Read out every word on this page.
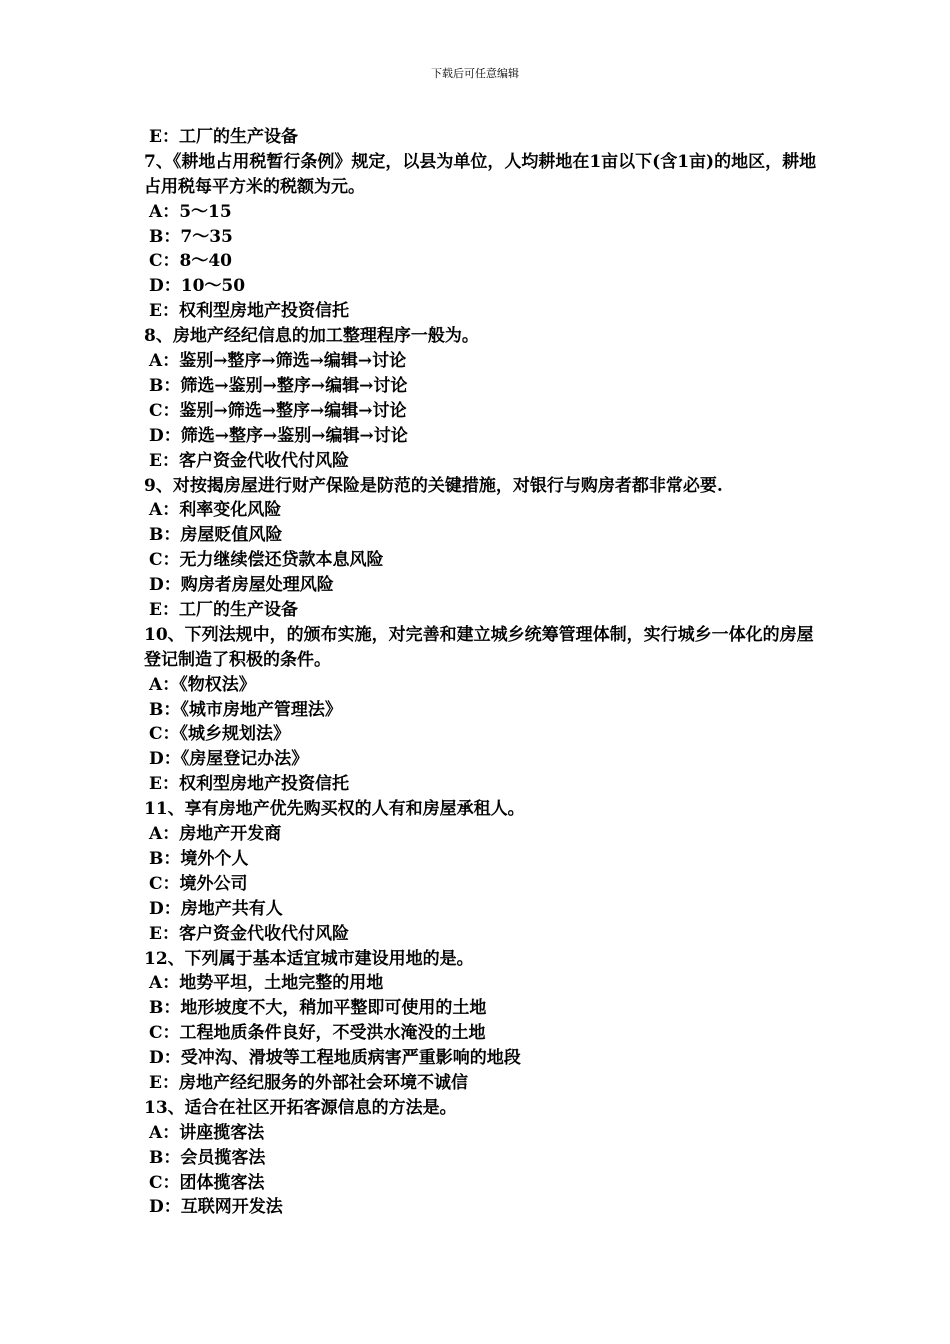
下载后可任意编辑
E：工厂的生产设备
7、《耕地占用税暂行条例》规定，以县为单位，人均耕地在1亩以下(含1亩)的地区，耕地占用税每平方米的税额为元。
A：5～15
B：7～35
C：8～40
D：10～50
E：权利型房地产投资信托
8、房地产经纪信息的加工整理程序一般为。
A：鉴别→整序→筛选→编辑→讨论
B：筛选→鉴别→整序→编辑→讨论
C：鉴别→筛选→整序→编辑→讨论
D：筛选→整序→鉴别→编辑→讨论
E：客户资金代收代付风险
9、对按揭房屋进行财产保险是防范的关键措施，对银行与购房者都非常必要.
A：利率变化风险
B：房屋贬值风险
C：无力继续偿还贷款本息风险
D：购房者房屋处理风险
E：工厂的生产设备
10、下列法规中，的颁布实施，对完善和建立城乡统筹管理体制，实行城乡一体化的房屋登记制造了积极的条件。
A：《物权法》
B：《城市房地产管理法》
C：《城乡规划法》
D：《房屋登记办法》
E：权利型房地产投资信托
11、享有房地产优先购买权的人有和房屋承租人。
A：房地产开发商
B：境外个人
C：境外公司
D：房地产共有人
E：客户资金代收代付风险
12、下列属于基本适宜城市建设用地的是。
A：地势平坦，土地完整的用地
B：地形坡度不大，稍加平整即可使用的土地
C：工程地质条件良好，不受洪水淹没的土地
D：受冲沟、滑坡等工程地质病害严重影响的地段
E：房地产经纪服务的外部社会环境不诚信
13、适合在社区开拓客源信息的方法是。
A：讲座揽客法
B：会员揽客法
C：团体揽客法
D：互联网开发法
